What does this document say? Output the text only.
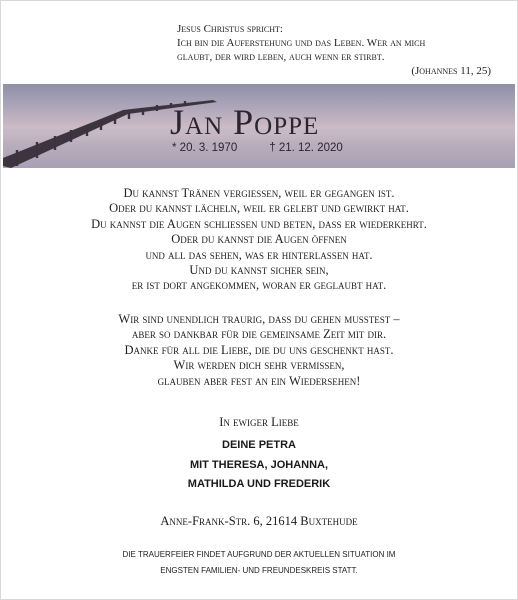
Jesus Christus spricht:
Ich bin die Auferstehung und das Leben. Wer an mich
glaubt, der wird leben, auch wenn er stirbt.
(Johannes 11, 25)
Jan Poppe
* 20. 3. 1970	† 21. 12. 2020
Du kannst Tränen vergießen, weil er gegangen ist.
Oder du kannst lächeln, weil er gelebt und gewirkt hat.
Du kannst die Augen schließen und beten, dass er wiederkehrt.
Oder du kannst die Augen öffnen
und all das sehen, was er hinterlassen hat.
Und du kannst sicher sein,
er ist dort angekommen, woran er geglaubt hat.
Wir sind unendlich traurig, dass du gehen musstest –
aber so dankbar für die gemeinsame Zeit mit dir.
Danke für all die Liebe, die du uns geschenkt hast.
Wir werden dich sehr vermissen,
glauben aber fest an ein Wiedersehen!
In ewiger Liebe
DEINE PETRA
MIT THERESA, JOHANNA,
MATHILDA UND FREDERIK
Anne-Frank-Str. 6, 21614 Buxtehude
DIE TRAUERFEIER FINDET AUFGRUND DER AKTUELLEN SITUATION IM
ENGSTEN FAMILIEN- UND FREUNDESKREIS STATT.
